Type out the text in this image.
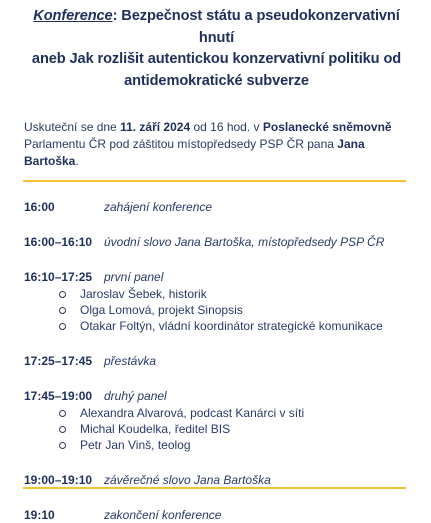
Konference: Bezpečnost státu a pseudokonzervativní hnutí
aneb Jak rozlišit autentickou konzervativní politiku od
antidemokratické subverze
Uskuteční se dne 11. září 2024 od 16 hod. v Poslanecké sněmovně
Parlamentu ČR pod záštitou místopředsedy PSP ČR pana Jana Bartoška.
16:00	zahájení konference
16:00–16:10 úvodní slovo Jana Bartoška, místopředsedy PSP ČR
16:10–17:25 první panel
Jaroslav Šebek, historik
Olga Lomová, projekt Sinopsis
Otakar Foltýn, vládní koordinátor strategické komunikace
17:25–17:45 přestávka
17:45–19:00 druhý panel
Alexandra Alvarová, podcast Kanárci v síti
Michal Koudelka, ředitel BIS
Petr Jan Vinš, teolog
19:00–19:10 závěrečné slovo Jana Bartoška
19:10	zakončení konference
